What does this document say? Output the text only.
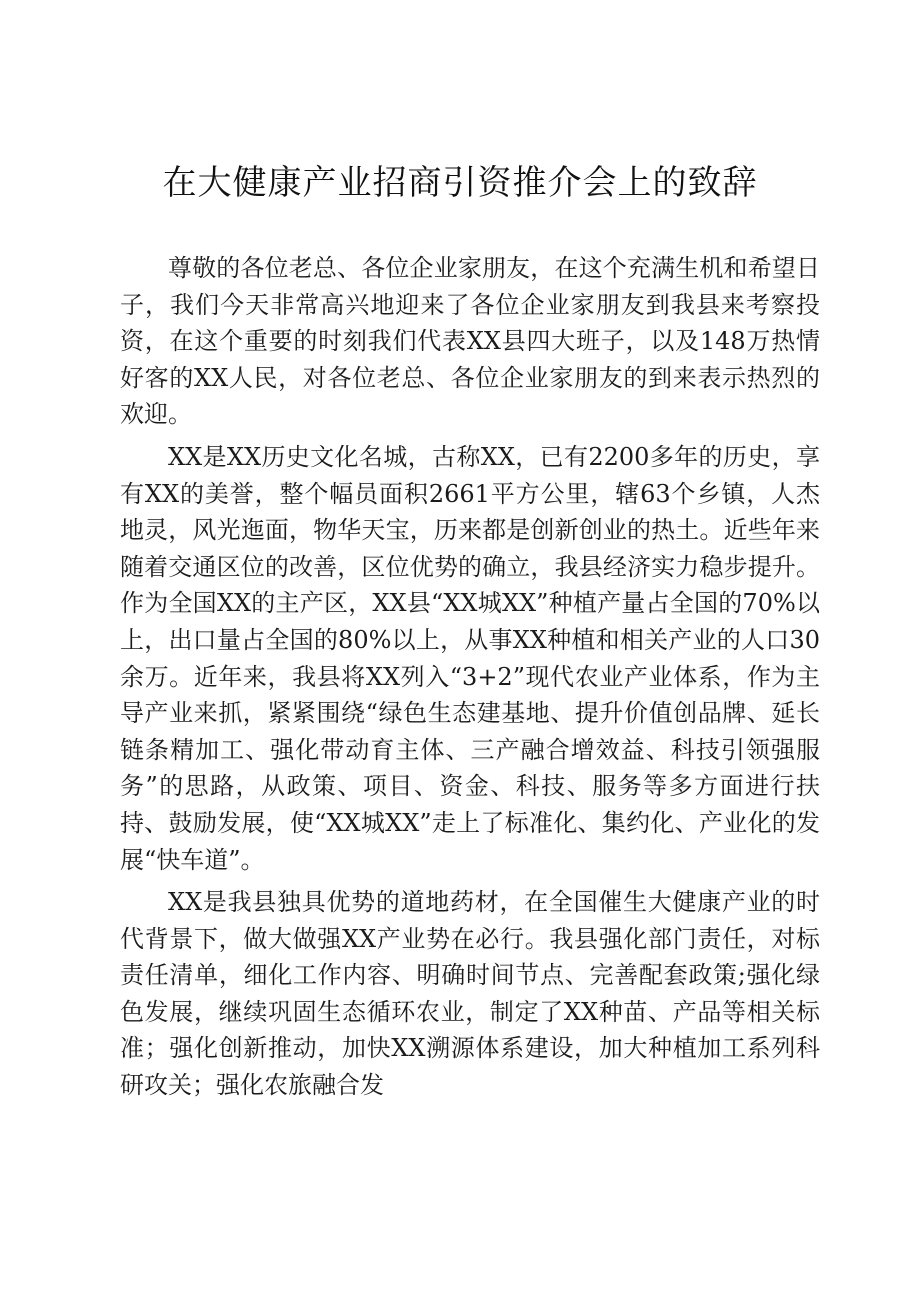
在大健康产业招商引资推介会上的致辞

尊敬的各位老总、各位企业家朋友，在这个充满生机和希望日子，我们今天非常高兴地迎来了各位企业家朋友到我县来考察投资，在这个重要的时刻我们代表XX县四大班子，以及148万热情好客的XX人民，对各位老总、各位企业家朋友的到来表示热烈的欢迎。

XX是XX历史文化名城，古称XX，已有2200多年的历史，享有XX的美誉，整个幅员面积2661平方公里，辖63个乡镇，人杰地灵，风光迤面，物华天宝，历来都是创新创业的热土。近些年来随着交通区位的改善，区位优势的确立，我县经济实力稳步提升。作为全国XX的主产区，XX县“XX城XX”种植产量占全国的70%以上，出口量占全国的80%以上，从事XX种植和相关产业的人口30余万。近年来，我县将XX列入“3+2”现代农业产业体系，作为主导产业来抓，紧紧围绕“绿色生态建基地、提升价值创品牌、延长链条精加工、强化带动育主体、三产融合增效益、科技引领强服务”的思路，从政策、项目、资金、科技、服务等多方面进行扶持、鼓励发展，使“XX城XX”走上了标准化、集约化、产业化的发展“快车道”。

XX是我县独具优势的道地药材，在全国催生大健康产业的时代背景下，做大做强XX产业势在必行。我县强化部门责任，对标责任清单，细化工作内容、明确时间节点、完善配套政策;强化绿色发展，继续巩固生态循环农业，制定了XX种苗、产品等相关标准；强化创新推动，加快XX溯源体系建设，加大种植加工系列科研攻关；强化农旅融合发
